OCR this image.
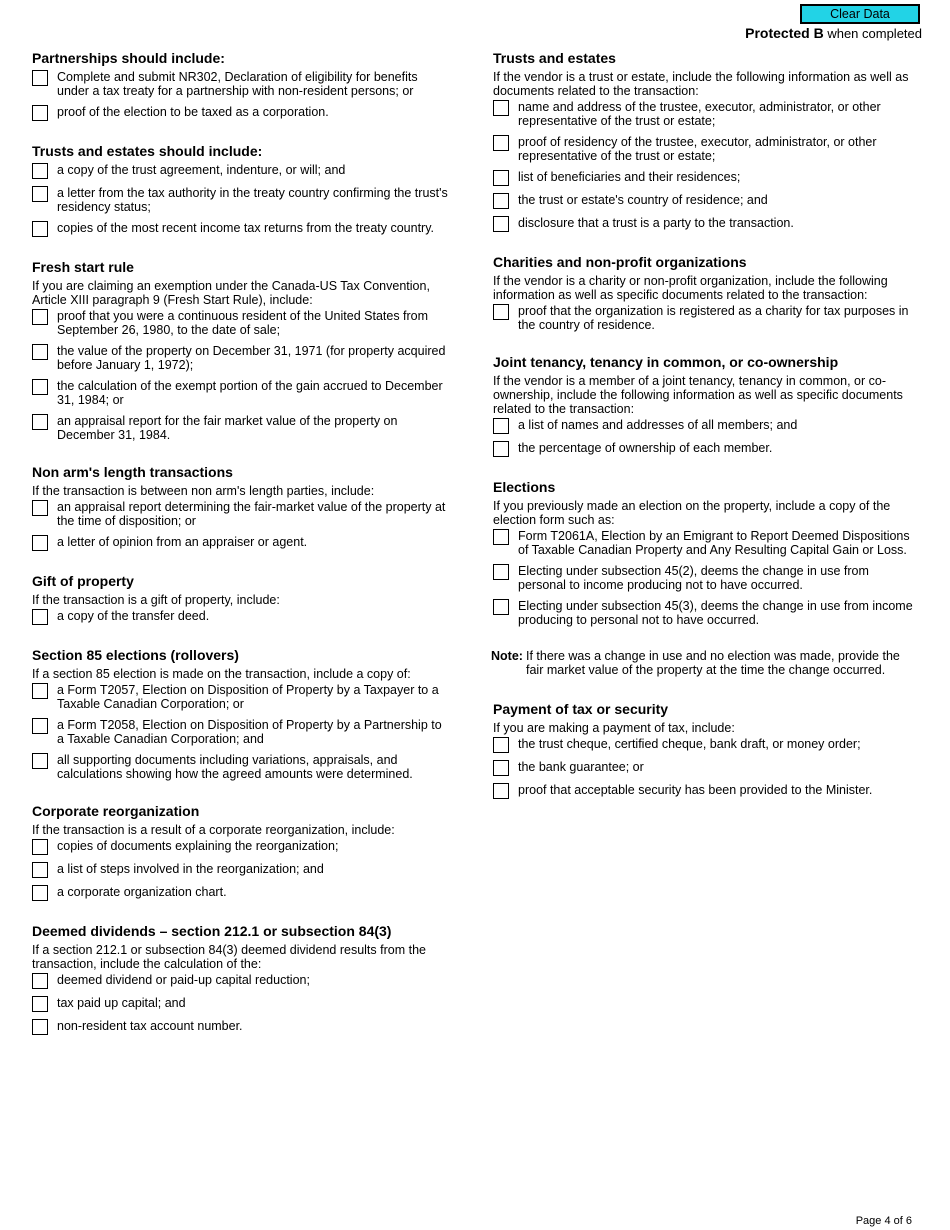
Clear Data
Protected B when completed
Partnerships should include:
Complete and submit NR302, Declaration of eligibility for benefits under a tax treaty for a partnership with non-resident persons; or
proof of the election to be taxed as a corporation.
Trusts and estates should include:
a copy of the trust agreement, indenture, or will; and
a letter from the tax authority in the treaty country confirming the trust's residency status;
copies of the most recent income tax returns from the treaty country.
Fresh start rule

If you are claiming an exemption under the Canada-US Tax Convention, Article XIII paragraph 9 (Fresh Start Rule), include:

proof that you were a continuous resident of the United States from September 26, 1980, to the date of sale;
the value of the property on December 31, 1971 (for property acquired before January 1, 1972);
the calculation of the exempt portion of the gain accrued to December 31, 1984; or
an appraisal report for the fair market value of the property on December 31, 1984.
Non arm's length transactions

If the transaction is between non arm's length parties, include:

an appraisal report determining the fair-market value of the property at the time of disposition; or
a letter of opinion from an appraiser or agent.
Gift of property

If the transaction is a gift of property, include:

a copy of the transfer deed.
Section 85 elections (rollovers)

If a section 85 election is made on the transaction, include a copy of:

a Form T2057, Election on Disposition of Property by a Taxpayer to a Taxable Canadian Corporation; or
a Form T2058, Election on Disposition of Property by a Partnership to a Taxable Canadian Corporation; and
all supporting documents including variations, appraisals, and calculations showing how the agreed amounts were determined.
Corporate reorganization

If the transaction is a result of a corporate reorganization, include:

copies of documents explaining the reorganization;
a list of steps involved in the reorganization; and
a corporate organization chart.
Deemed dividends – section 212.1 or subsection 84(3)

If a section 212.1 or subsection 84(3) deemed dividend results from the transaction, include the calculation of the:

deemed dividend or paid-up capital reduction;
tax paid up capital; and
non-resident tax account number.
Trusts and estates

If the vendor is a trust or estate, include the following information as well as documents related to the transaction:

name and address of the trustee, executor, administrator, or other representative of the trust or estate;
proof of residency of the trustee, executor, administrator, or other representative of the trust or estate;
list of beneficiaries and their residences;
the trust or estate's country of residence; and
disclosure that a trust is a party to the transaction.
Charities and non-profit organizations

If the vendor is a charity or non-profit organization, include the following information as well as specific documents related to the transaction:

proof that the organization is registered as a charity for tax purposes in the country of residence.
Joint tenancy, tenancy in common, or co-ownership

If the vendor is a member of a joint tenancy, tenancy in common, or co-ownership, include the following information as well as specific documents related to the transaction:

a list of names and addresses of all members; and
the percentage of ownership of each member.
Elections

If you previously made an election on the property, include a copy of the election form such as:

Form T2061A, Election by an Emigrant to Report Deemed Dispositions of Taxable Canadian Property and Any Resulting Capital Gain or Loss.
Electing under subsection 45(2), deems the change in use from personal to income producing not to have occurred.
Electing under subsection 45(3), deems the change in use from income producing to personal not to have occurred.
Note: If there was a change in use and no election was made, provide the fair market value of the property at the time the change occurred.
Payment of tax or security

If you are making a payment of tax, include:

the trust cheque, certified cheque, bank draft, or money order;
the bank guarantee; or
proof that acceptable security has been provided to the Minister.
Page 4 of 6
